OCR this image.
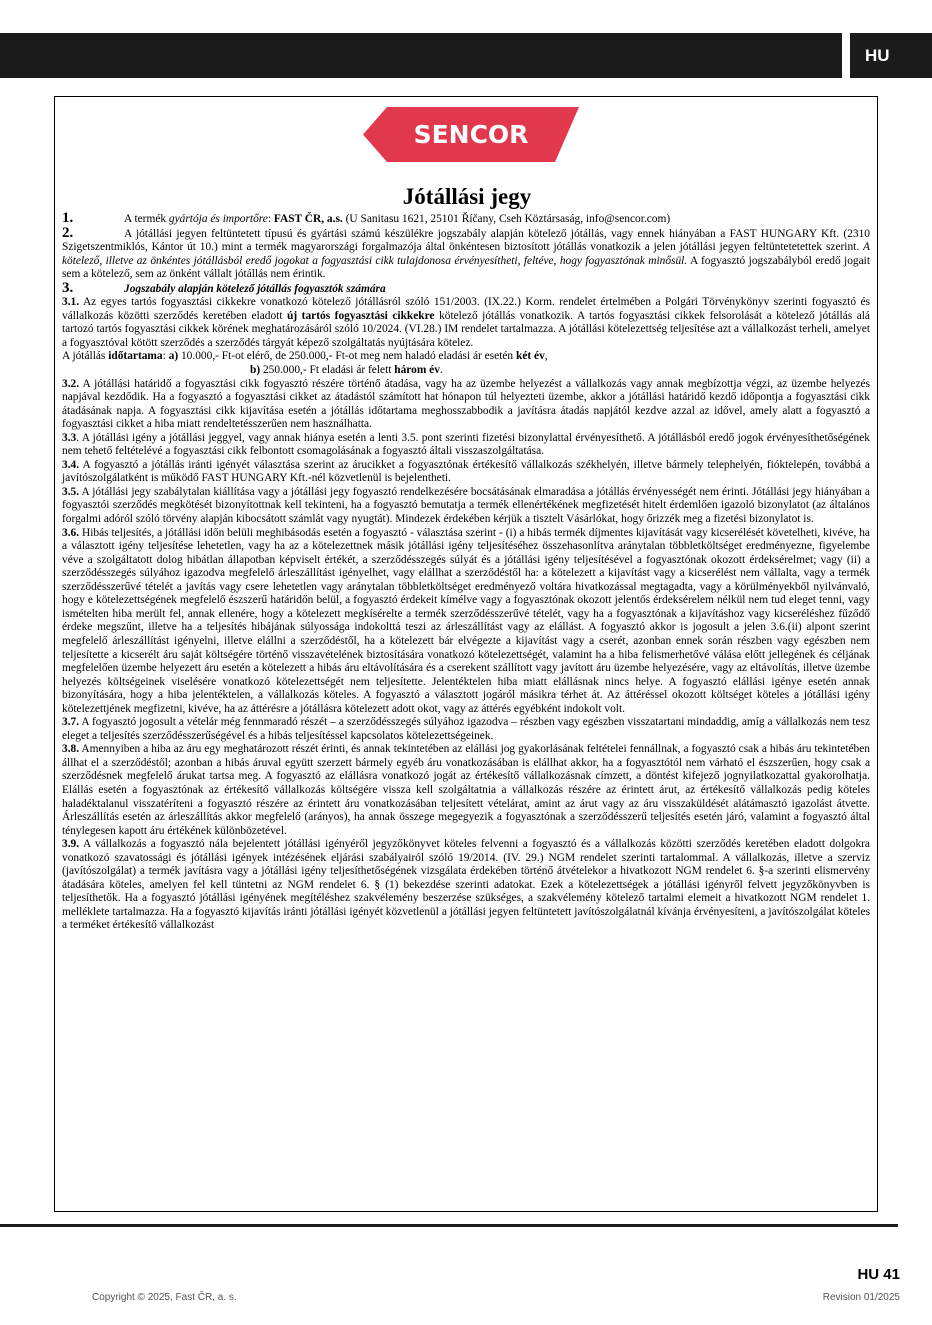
HU
SENCOR
Jótállási jegy

1.	A termék gyártója és importőre: FAST ČR, a.s. (U Sanitasu 1621, 25101 Říčany, Cseh Köztársaság, info@sencor.com)

2.	A jótállási jegyen feltüntetett típusú és gyártási számú készülékre jogszabály alapján kötelező jótállás, vagy ennek hiányában a FAST HUNGARY Kft. (2310 Szigetszentmiklós, Kántor út 10.) mint a termék magyarországi forgalmazója által önkéntesen biztosított jótállás vonatkozik a jelen jótállási jegyen feltüntetetettek szerint. A kötelező, illetve az önkéntes jótállásból eredő jogokat a fogyasztási cikk tulajdonosa érvényesítheti, feltéve, hogy fogyasztónak minősül. A fogyasztó jogszabályból eredő jogait sem a kötelező, sem az önként vállalt jótállás nem érintik.

3.	Jogszabály alapján kötelező jótállás fogyasztók számára

3.1. Az egyes tartós fogyasztási cikkekre vonatkozó kötelező jótállásról szóló 151/2003. (IX.22.) Korm. rendelet értelmében a Polgári Törvénykönyv szerinti fogyasztó és vállalkozás közötti szerződés keretében eladott új tartós fogyasztási cikkekre kötelező jótállás vonatkozik. A tartós fogyasztási cikkek felsorolását a kötelező jótállás alá tartozó tartós fogyasztási cikkek körének meghatározásáról szóló 10/2024. (VI.28.) IM rendelet tartalmazza. A jótállási kötelezettség teljesítése azt a vállalkozást terheli, amelyet a fogyasztóval kötött szerződés a szerződés tárgyát képező szolgáltatás nyújtására kötelez.

A jótállás időtartama: a) 10.000,- Ft-ot elérő, de 250.000,- Ft-ot meg nem haladó eladási ár esetén két év,
b) 250.000,- Ft eladási ár felett három év.

3.2. A jótállási határidő a fogyasztási cikk fogyasztó részére történő átadása, vagy ha az üzembe helyezést a vállalkozás vagy annak megbízottja végzi, az üzembe helyezés napjával kezdődik. Ha a fogyasztó a fogyasztási cikket az átadástól számított hat hónapon túl helyezteti üzembe, akkor a jótállási határidő kezdő időpontja a fogyasztási cikk átadásának napja. A fogyasztási cikk kijavítása esetén a jótállás időtartama meghosszabbodik a javításra átadás napjától kezdve azzal az idővel, amely alatt a fogyasztó a fogyasztási cikket a hiba miatt rendeltetésszerűen nem használhatta.

3.3. A jótállási igény a jótállási jeggyel, vagy annak hiánya esetén a lenti 3.5. pont szerinti fizetési bizonylattal érvényesíthető. A jótállásból eredő jogok érvényesíthetőségének nem tehető feltételévé a fogyasztási cikk felbontott csomagolásának a fogyasztó általi visszaszolgáltatása.

3.4. A fogyasztó a jótállás iránti igényét választása szerint az árucikket a fogyasztónak értékesítő vállalkozás székhelyén, illetve bármely telephelyén, fióktelepén, továbbá a javítószolgálatként is működő FAST HUNGARY Kft.-nél közvetlenül is bejelentheti.

3.5. A jótállási jegy szabálytalan kiállítása vagy a jótállási jegy fogyasztó rendelkezésére bocsátásának elmaradása a jótállás érvényességét nem érinti. Jótállási jegy hiányában a fogyasztói szerződés megkötését bizonyítottnak kell tekinteni, ha a fogyasztó bemutatja a termék ellenértékének megfizetését hitelt érdemlően igazoló bizonylatot (az általános forgalmi adóról szóló törvény alapján kibocsátott számlát vagy nyugtát). Mindezek érdekében kérjük a tisztelt Vásárlókat, hogy őrizzék meg a fizetési bizonylatot is.

3.6. Hibás teljesítés, a jótállási időn belüli meghibásodás esetén a fogyasztó - választása szerint - (i) a hibás termék díjmentes kijavítását vagy kicserélését követelheti, kivéve, ha a választott igény teljesítése lehetetlen, vagy ha az a kötelezettnek másik jótállási igény teljesítéséhez összehasonlítva aránytalan többletköltséget eredményezne, figyelembe véve a szolgáltatott dolog hibátlan állapotban képviselt értékét, a szerződésszegés súlyát és a jótállási igény teljesítésével a fogyasztónak okozott érdeksérelmet; vagy (ii) a szerződésszegés súlyához igazodva megfelelő árleszállítást igényelhet, vagy elállhat a szerződéstől ha: a kötelezett a kijavítást vagy a kicserélést nem vállalta, vagy a termék szerződésszerűvé tételét a javítás vagy csere lehetetlen vagy aránytalan többletköltséget eredményező voltára hivatkozással megtagadta, vagy a körülményekből nyilvánvaló, hogy e kötelezettségének megfelelő észszerű határidőn belül, a fogyasztó érdekeit kímélve vagy a fogyasztónak okozott jelentős érdeksérelem nélkül nem tud eleget tenni, vagy ismételten hiba merült fel, annak ellenére, hogy a kötelezett megkísérelte a termék szerződésszerűvé tételét, vagy ha a fogyasztónak a kijavításhoz vagy kicseréléshez fűződő érdeke megszűnt, illetve ha a teljesítés hibájának súlyossága indokolttá teszi az árleszállítást vagy az elállást. A fogyasztó akkor is jogosult a jelen 3.6.(ii) alpont szerint megfelelő árleszállítást igényelni, illetve elállni a szerződéstől, ha a kötelezett bár elvégezte a kijavítást vagy a cserét, azonban ennek során részben vagy egészben nem teljesítette a kicserélt áru saját költségére történő visszavételének biztosítására vonatkozó kötelezettségét, valamint ha a hiba felismerhetővé válása előtt jellegének és céljának megfelelően üzembe helyezett áru esetén a kötelezett a hibás áru eltávolítására és a cserekent szállított vagy javított áru üzembe helyezésére, vagy az eltávolítás, illetve üzembe helyezés költségeinek viselésére vonatkozó kötelezettségét nem teljesítette. Jelentéktelen hiba miatt elállásnak nincs helye. A fogyasztó elállási igénye esetén annak bizonyítására, hogy a hiba jelentéktelen, a vállalkozás köteles. A fogyasztó a választott jogáról másikra térhet át. Az áttéréssel okozott költséget köteles a jótállási igény kötelezettjének megfizetni, kivéve, ha az áttérésre a jótállásra kötelezett adott okot, vagy az áttérés egyébként indokolt volt.

3.7. A fogyasztó jogosult a vételár még fennmaradó részét – a szerződésszegés súlyához igazodva – részben vagy egészben visszatartani mindaddig, amíg a vállalkozás nem tesz eleget a teljesítés szerződésszerűségével és a hibás teljesítéssel kapcsolatos kötelezettségeinek.

3.8. Amennyiben a hiba az áru egy meghatározott részét érinti, és annak tekintetében az elállási jog gyakorlásának feltételei fennállnak, a fogyasztó csak a hibás áru tekintetében állhat el a szerződéstől; azonban a hibás áruval együtt szerzett bármely egyéb áru vonatkozásában is elállhat akkor, ha a fogyasztótól nem várható el észszerűen, hogy csak a szerződésnek megfelelő árukat tartsa meg. A fogyasztó az elállásra vonatkozó jogát az értékesítő vállalkozásnak címzett, a döntést kifejező jognyilatkozattal gyakorolhatja. Elállás esetén a fogyasztónak az értékesítő vállalkozás költségére vissza kell szolgáltatnia a vállalkozás részére az érintett árut, az értékesítő vállalkozás pedig köteles haladéktalanul visszatéríteni a fogyasztó részére az érintett áru vonatkozásában teljesített vételárat, amint az árut vagy az áru visszaküldését alátámasztó igazolást átvette. Árleszállítás esetén az árleszállítás akkor megfelelő (arányos), ha annak összege megegyezik a fogyasztónak a szerződésszerű teljesítés esetén járó, valamint a fogyasztó által ténylegesen kapott áru értékének különbözetével.

3.9. A vállalkozás a fogyasztó nála bejelentett jótállási igényéről jegyzőkönyvet köteles felvenni a fogyasztó és a vállalkozás közötti szerződés keretében eladott dolgokra vonatkozó szavatossági és jótállási igények intézésének eljárási szabályairól szóló 19/2014. (IV. 29.) NGM rendelet szerinti tartalommal. A vállalkozás, illetve a szerviz (javítószolgálat) a termék javításra vagy a jótállási igény teljesíthetőségének vizsgálata érdekében történő átvételekor a hivatkozott NGM rendelet 6. §-a szerinti elismervény átadására köteles, amelyen fel kell tüntetni az NGM rendelet 6. § (1) bekezdése szerinti adatokat. Ezek a kötelezettségek a jótállási igényről felvett jegyzőkönyvben is teljesíthetők. Ha a fogyasztó jótállási igényének megítéléshez szakvélemény beszerzése szükséges, a szakvélemény kötelező tartalmi elemeit a hivatkozott NGM rendelet 1. melléklete tartalmazza. Ha a fogyasztó kijavítás iránti jótállási igényét közvetlenül a jótállási jegyen feltüntetett javítószolgálatnál kívánja érvényesíteni, a javítószolgálat köteles a terméket értékesítő vállalkozást

HU 41
Copyright © 2025, Fast ČR, a. s.	Revision 01/2025
